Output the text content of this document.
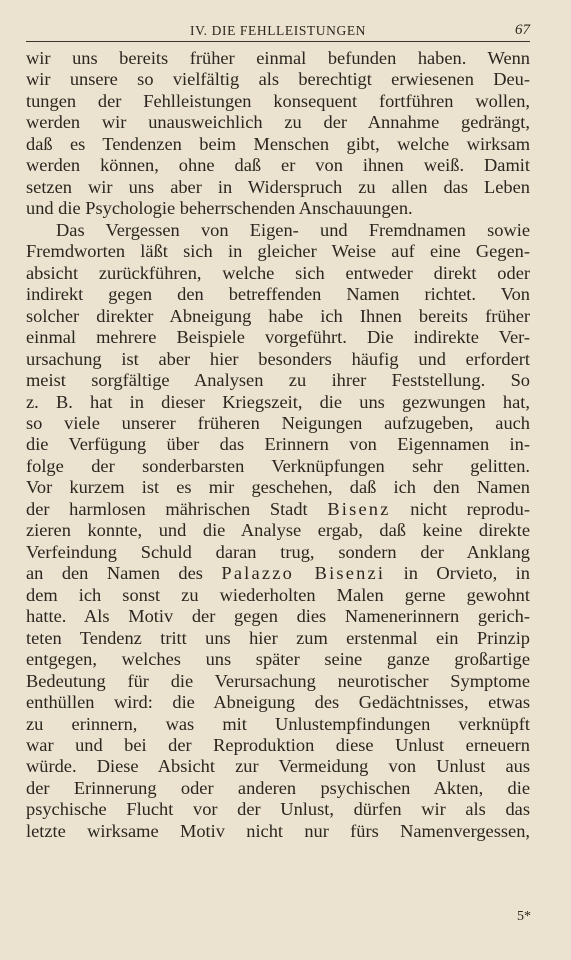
IV. DIE FEHLLEISTUNGEN	67
wir uns bereits früher einmal befunden haben. Wenn
wir unsere so vielfältig als berechtigt erwiesenen Deu-
tungen der Fehlleistungen konsequent fortführen wollen,
werden wir unausweichlich zu der Annahme gedrängt,
daß es Tendenzen beim Menschen gibt, welche wirksam
werden können, ohne daß er von ihnen weiß. Damit
setzen wir uns aber in Widerspruch zu allen das Leben
und die Psychologie beherrschenden Anschauungen.
Das Vergessen von Eigen- und Fremdnamen sowie
Fremdworten läßt sich in gleicher Weise auf eine Gegen-
absicht zurückführen, welche sich entweder direkt oder
indirekt gegen den betreffenden Namen richtet. Von
solcher direkter Abneigung habe ich Ihnen bereits früher
einmal mehrere Beispiele vorgeführt. Die indirekte Ver-
ursachung ist aber hier besonders häufig und erfordert
meist sorgfältige Analysen zu ihrer Feststellung. So
z. B. hat in dieser Kriegszeit, die uns gezwungen hat,
so viele unserer früheren Neigungen aufzugeben, auch
die Verfügung über das Erinnern von Eigennamen in-
folge der sonderbarsten Verknüpfungen sehr gelitten.
Vor kurzem ist es mir geschehen, daß ich den Namen
der harmlosen mährischen Stadt Bisenz nicht reprodu-
zieren konnte, und die Analyse ergab, daß keine direkte
Verfeindung Schuld daran trug, sondern der Anklang
an den Namen des Palazzo Bisenzi in Orvieto, in
dem ich sonst zu wiederholten Malen gerne gewohnt
hatte. Als Motiv der gegen dies Namenerinnern gerich-
teten Tendenz tritt uns hier zum erstenmal ein Prinzip
entgegen, welches uns später seine ganze großartige
Bedeutung für die Verursachung neurotischer Symptome
enthüllen wird: die Abneigung des Gedächtnisses, etwas
zu erinnern, was mit Unlustempfindungen verknüpft
war und bei der Reproduktion diese Unlust erneuern
würde. Diese Absicht zur Vermeidung von Unlust aus
der Erinnerung oder anderen psychischen Akten, die
psychische Flucht vor der Unlust, dürfen wir als das
letzte wirksame Motiv nicht nur fürs Namenvergessen,
5*
